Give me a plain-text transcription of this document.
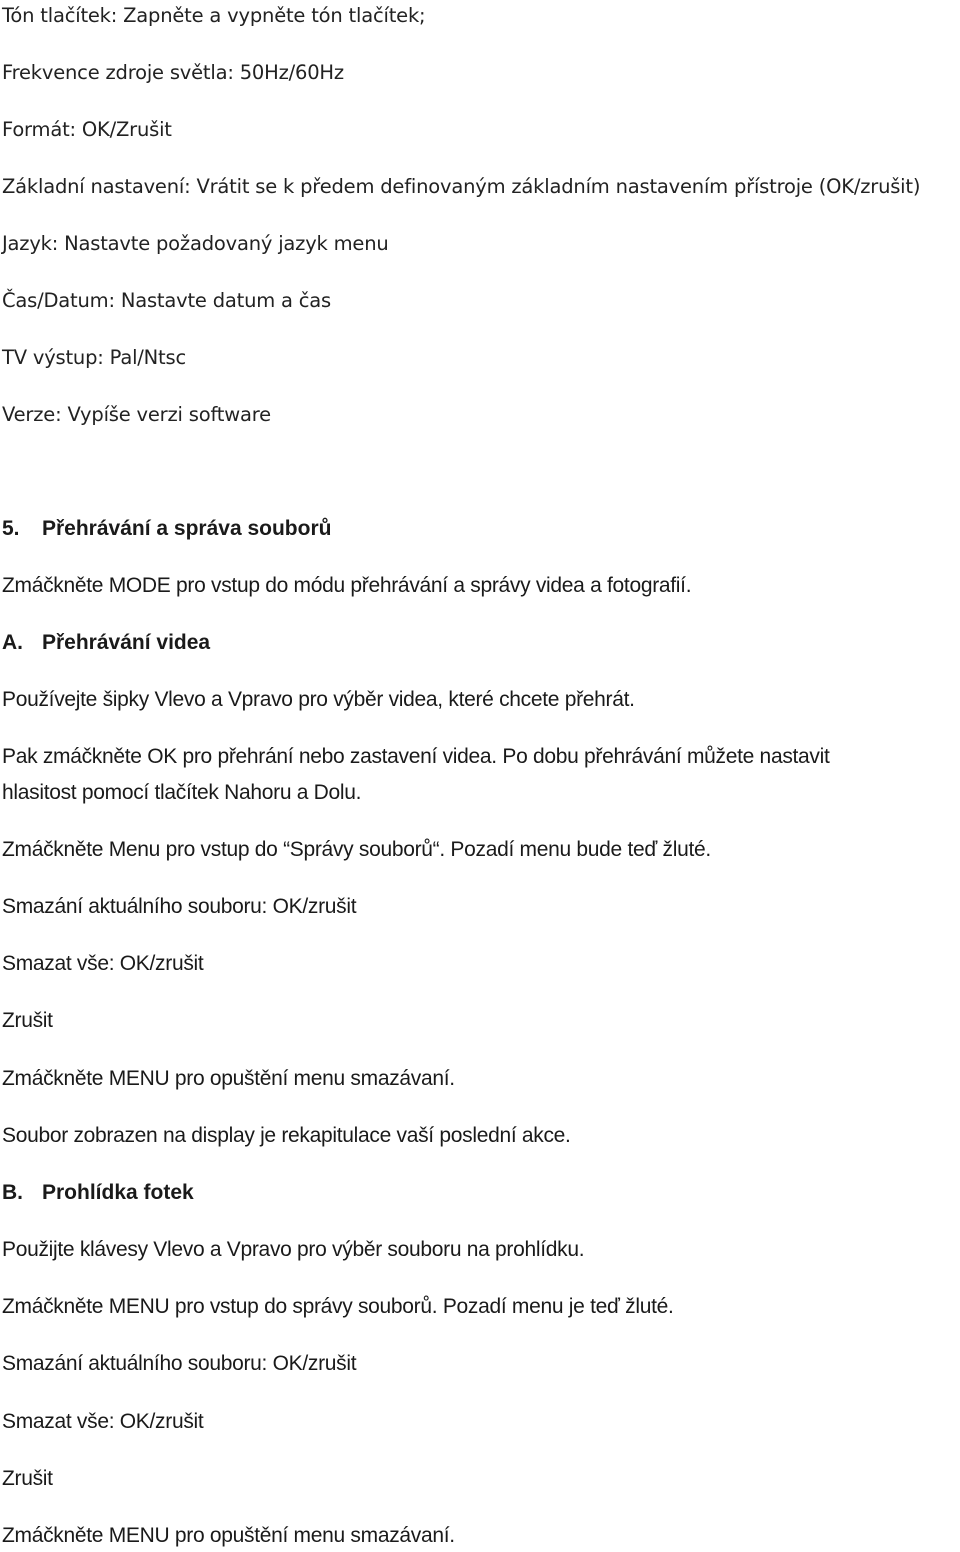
Tón tlačítek: Zapněte a vypněte tón tlačítek;
Frekvence zdroje světla: 50Hz/60Hz
Formát: OK/Zrušit
Základní nastavení: Vrátit se k předem definovaným základním nastavením přístroje (OK/zrušit)
Jazyk: Nastavte požadovaný jazyk menu
Čas/Datum: Nastavte datum a čas
TV výstup: Pal/Ntsc
Verze: Vypíše verzi software
5. Přehrávání a správa souborů
Zmáčkněte MODE pro vstup do módu přehrávání a správy videa a fotografií.
A. Přehrávání videa
Používejte šipky Vlevo a Vpravo pro výběr videa, které chcete přehrát.
Pak zmáčkněte OK pro přehrání nebo zastavení videa. Po dobu přehrávání můžete nastavit
hlasitost pomocí tlačítek Nahoru a Dolu.
Zmáčkněte Menu pro vstup do “Správy souborů“. Pozadí menu bude teď žluté.
Smazání aktuálního souboru: OK/zrušit
Smazat vše: OK/zrušit
Zrušit
Zmáčkněte MENU pro opuštění menu smazávaní.
Soubor zobrazen na display je rekapitulace vaší poslední akce.
B. Prohlídka fotek
Použijte klávesy Vlevo a Vpravo pro výběr souboru na prohlídku.
Zmáčkněte MENU pro vstup do správy souborů. Pozadí menu je teď žluté.
Smazání aktuálního souboru: OK/zrušit
Smazat vše: OK/zrušit
Zrušit
Zmáčkněte MENU pro opuštění menu smazávaní.
